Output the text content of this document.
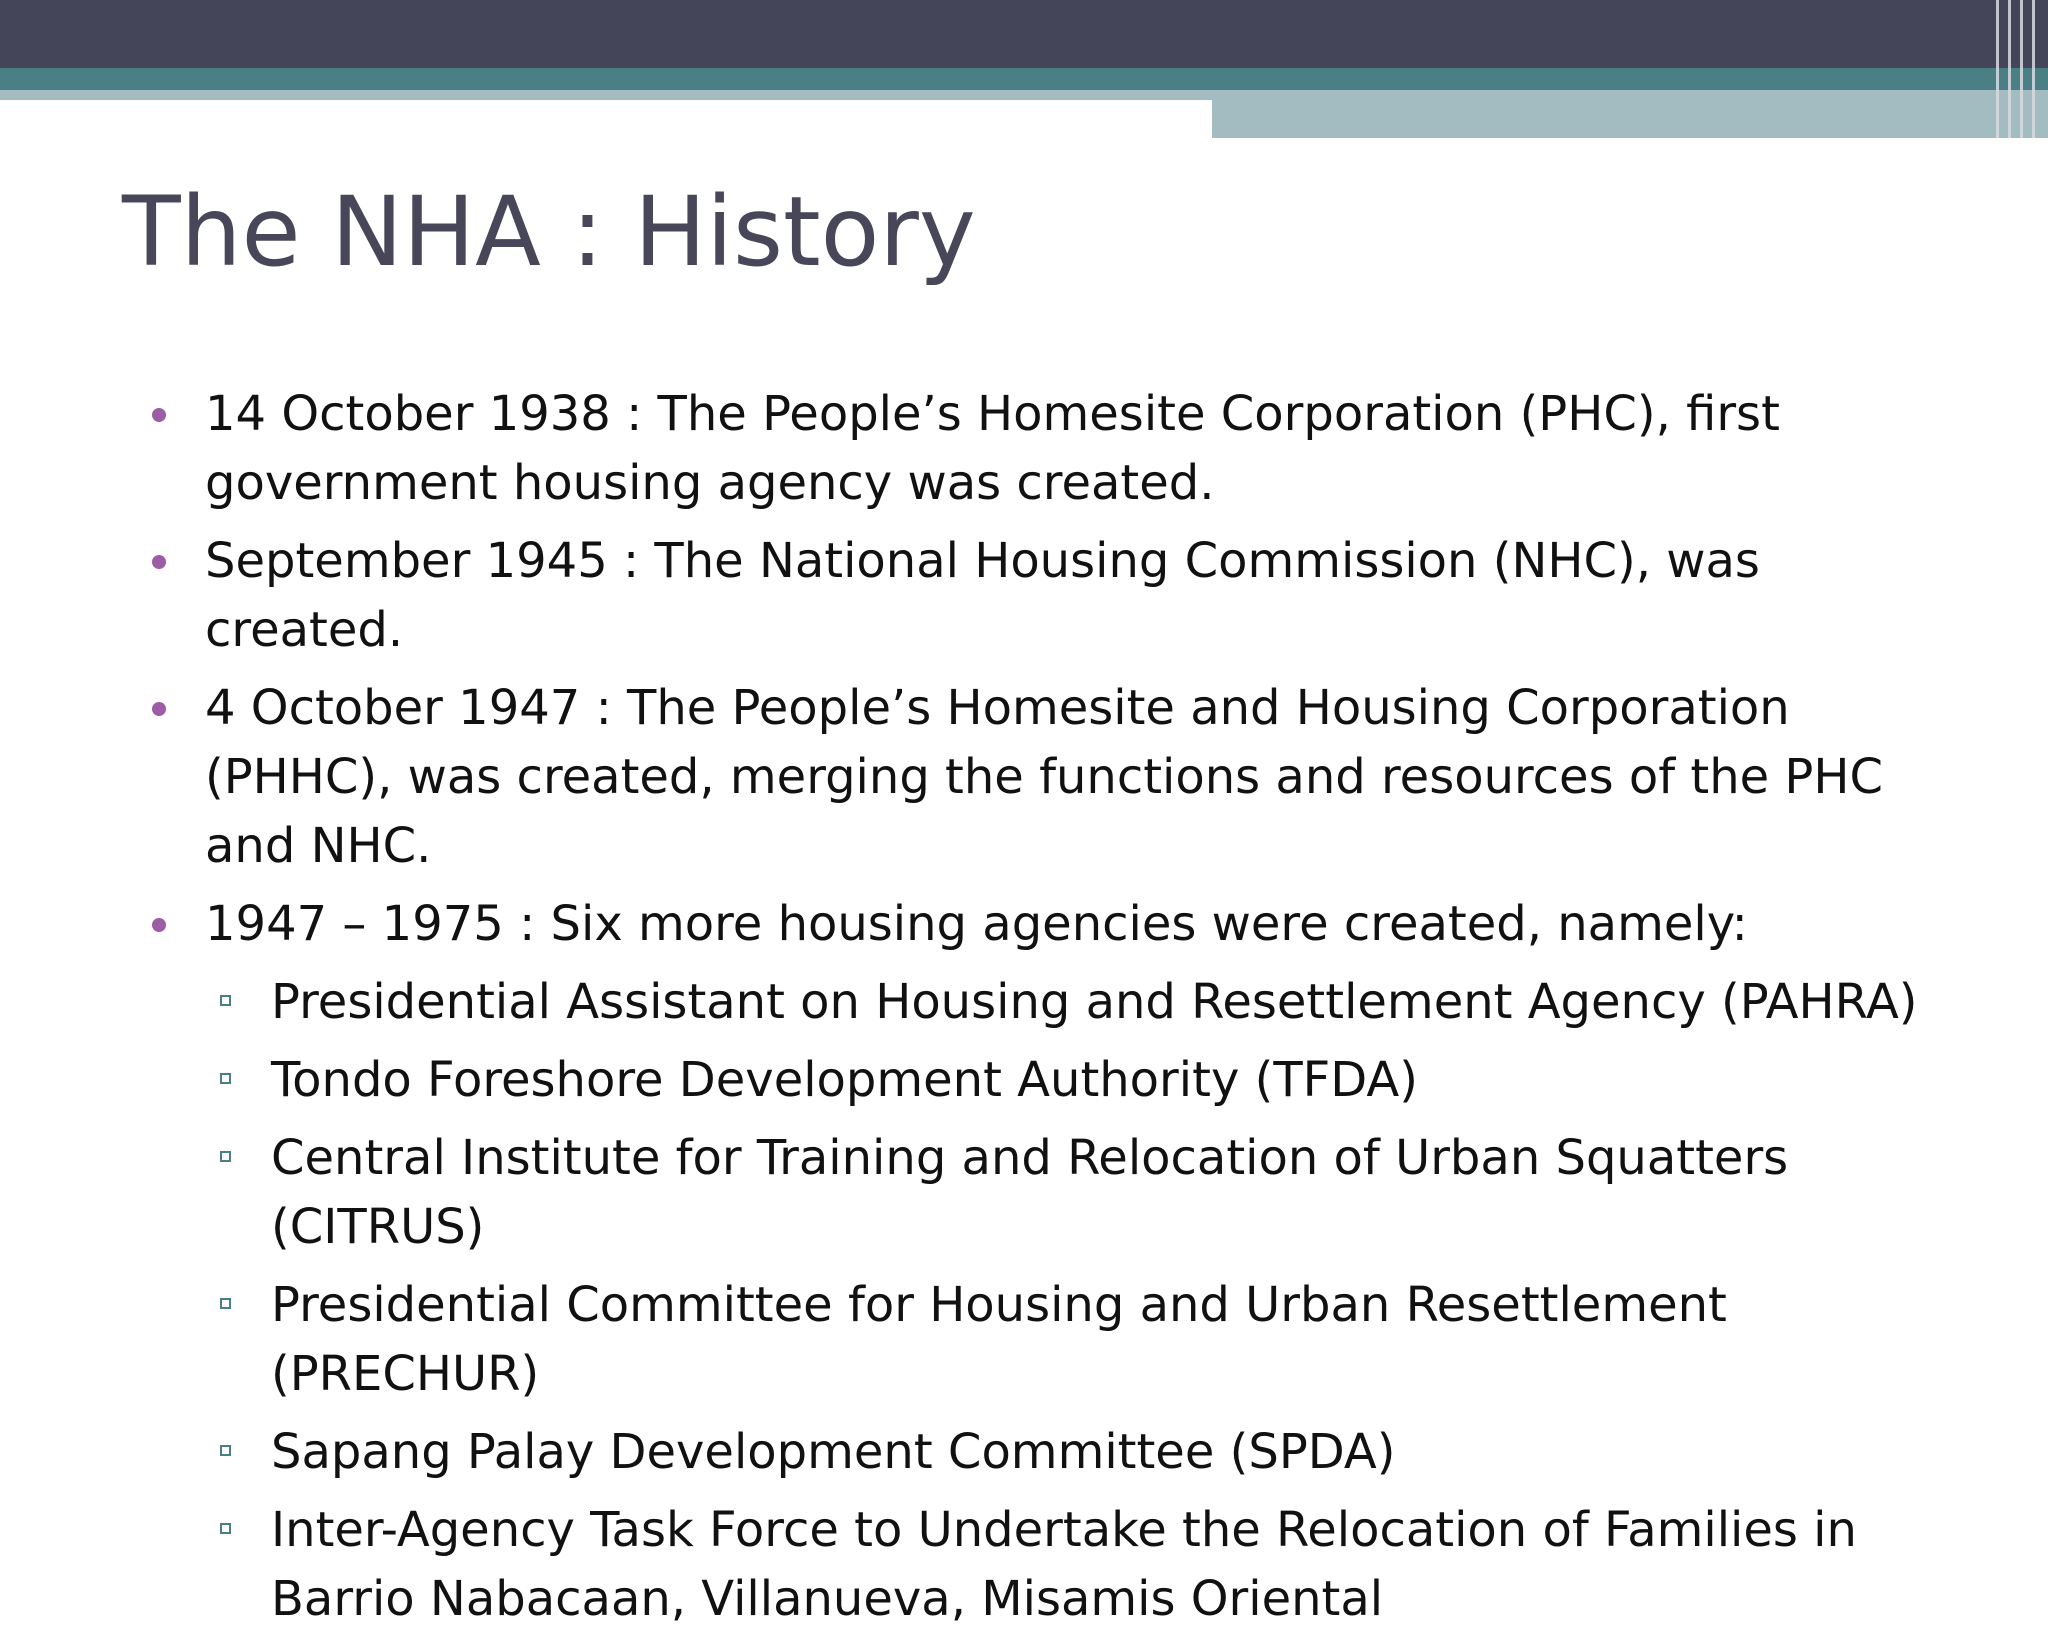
The NHA : History
14 October 1938 : The People’s Homesite Corporation (PHC), first government housing agency was created.
September 1945 : The National Housing Commission (NHC), was created.
4 October 1947 : The People’s Homesite and Housing Corporation (PHHC), was created, merging the functions and resources of the PHC and NHC.
1947 – 1975 : Six more housing agencies were created, namely:
Presidential Assistant on Housing and Resettlement Agency (PAHRA)
Tondo Foreshore Development Authority (TFDA)
Central Institute for Training and Relocation of Urban Squatters (CITRUS)
Presidential Committee for Housing and Urban Resettlement (PRECHUR)
Sapang Palay Development Committee (SPDA)
Inter-Agency Task Force to Undertake the Relocation of Families in Barrio Nabacaan, Villanueva, Misamis Oriental
